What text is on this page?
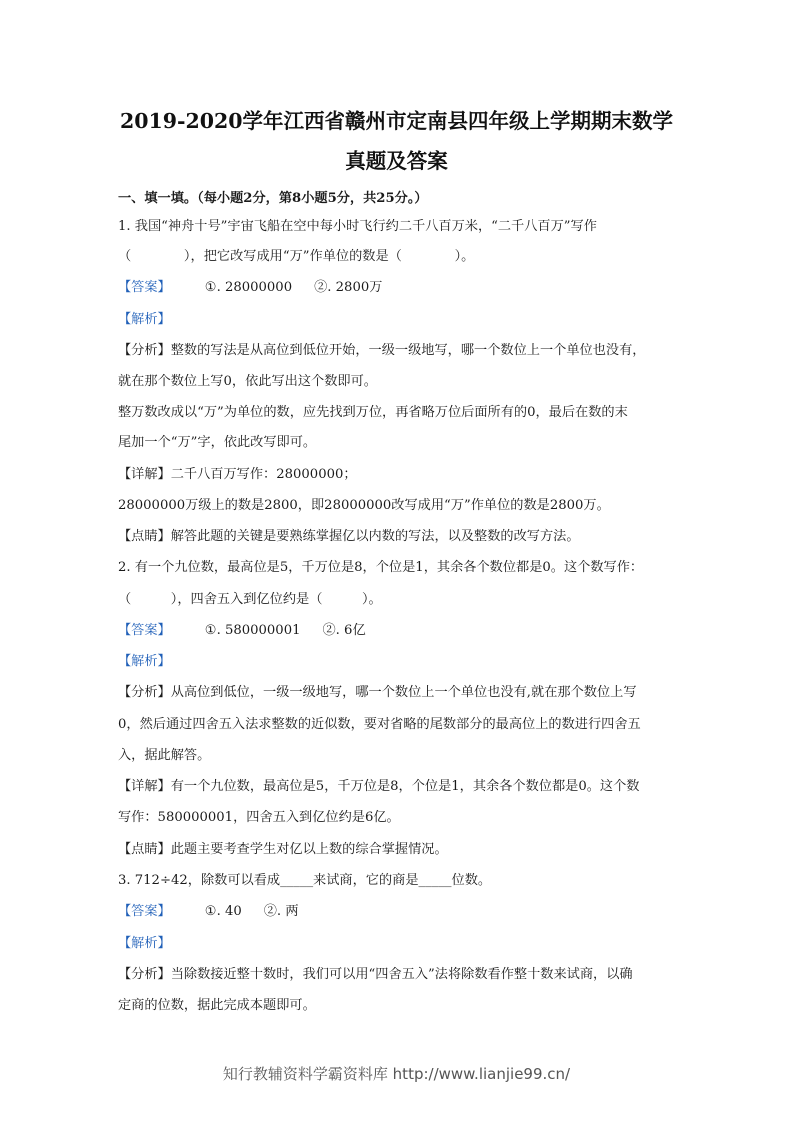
2019-2020学年江西省赣州市定南县四年级上学期期末数学
真题及答案
一、填一填。（每小题2分，第8小题5分，共25分。）
1. 我国“神舟十号”宇宙飞船在空中每小时飞行约二千八百万米，“二千八百万”写作
（　　　　），把它改写成用“万”作单位的数是（　　　　）。
【答案】	①. 28000000 ②. 2800万
【解析】
【分析】整数的写法是从高位到低位开始，一级一级地写，哪一个数位上一个单位也没有，
就在那个数位上写0，依此写出这个数即可。
整万数改成以“万”为单位的数，应先找到万位，再省略万位后面所有的0，最后在数的末
尾加一个“万”字，依此改写即可。
【详解】二千八百万写作：28000000；
28000000万级上的数是2800，即28000000改写成用“万”作单位的数是2800万。
【点睛】解答此题的关键是要熟练掌握亿以内数的写法，以及整数的改写方法。
2. 有一个九位数，最高位是5，千万位是8，个位是1，其余各个数位都是0。这个数写作：
（　　　），四舍五入到亿位约是（　　　）。
【答案】	①. 580000001 ②. 6亿
【解析】
【分析】从高位到低位，一级一级地写，哪一个数位上一个单位也没有,就在那个数位上写
0，然后通过四舍五入法求整数的近似数，要对省略的尾数部分的最高位上的数进行四舍五
入，据此解答。
【详解】有一个九位数，最高位是5，千万位是8，个位是1，其余各个数位都是0。这个数
写作：580000001，四舍五入到亿位约是6亿。
【点睛】此题主要考查学生对亿以上数的综合掌握情况。
3. 712÷42，除数可以看成_____来试商，它的商是_____位数。
【答案】	①. 40 ②. 两
【解析】
【分析】当除数接近整十数时，我们可以用“四舍五入”法将除数看作整十数来试商，以确
定商的位数，据此完成本题即可。
知行教辅资料学霸资料库 http://www.lianjie99.cn/
